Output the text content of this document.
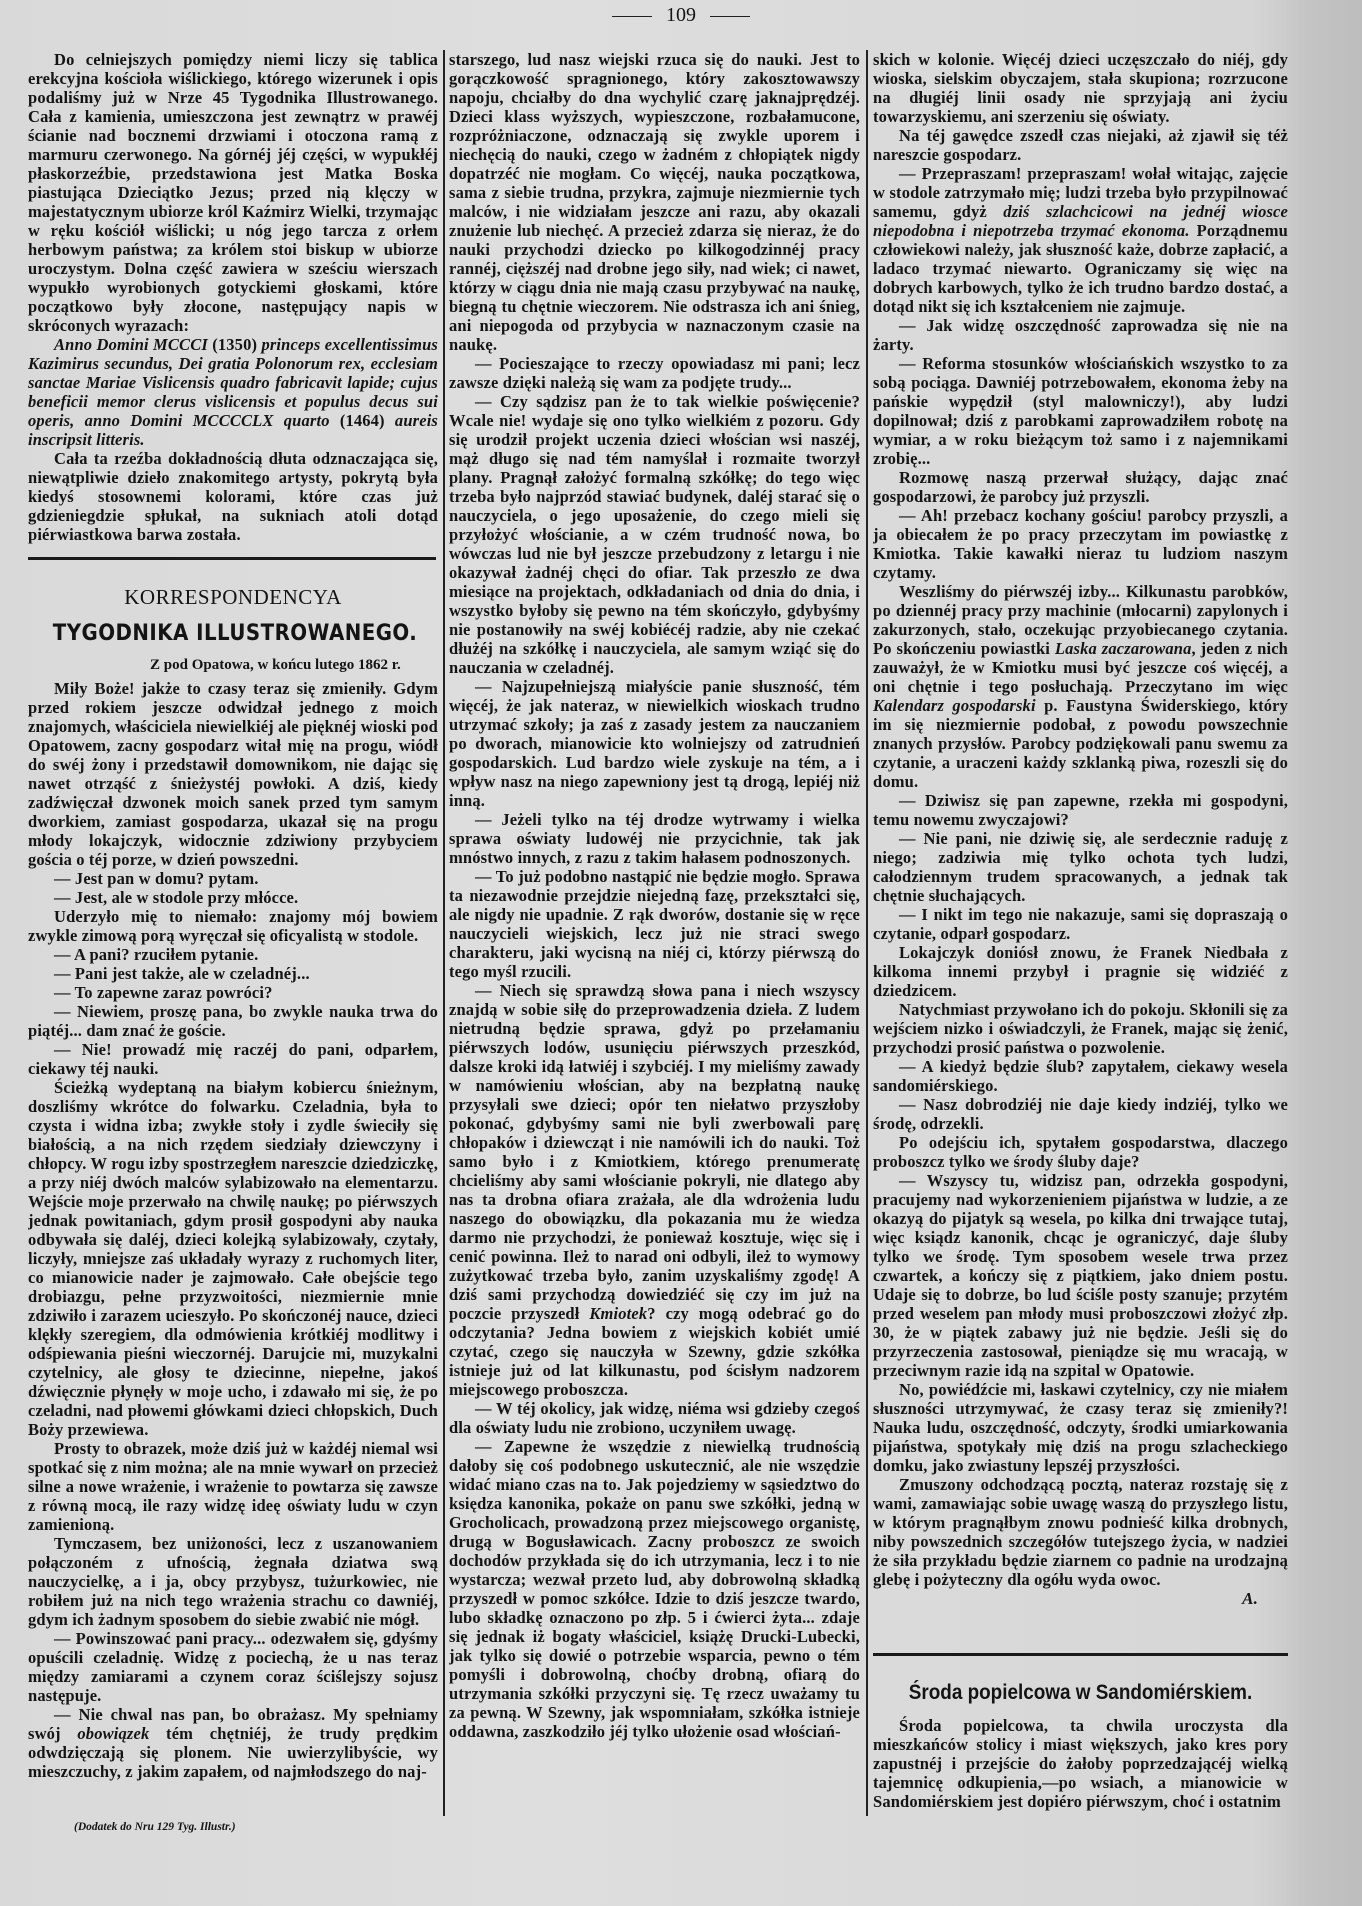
109

Do celniejszych pomiędzy niemi liczy się tablica erekcyjna kościoła wiślickiego, którego wizerunek i opis podaliśmy już w Nrze 45 Tygodnika Illustrowanego. Cała z kamienia, umieszczona jest zewnątrz w prawéj ścianie nad bocznemi drzwiami i otoczona ramą z marmuru czerwonego. Na górnéj jéj części, w wypukłéj płaskorzeźbie, przedstawiona jest Matka Boska piastująca Dzieciątko Jezus; przed nią klęczy w majestatycznym ubiorze król Kaźmirz Wielki, trzymając w ręku kościół wiślicki; u nóg jego tarcza z orłem herbowym państwa; za królem stoi biskup w ubiorze uroczystym. Dolna część zawiera w sześciu wierszach wypukło wyrobionych gotyckiemi głoskami, które początkowo były złocone, następujący napis w skróconych wyrazach:

Anno Domini MCCCI (1350) princeps excellentissimus Kazimirus secundus, Dei gratia Polonorum rex, ecclesiam sanctae Mariae Vislicensis quadro fabricavit lapide; cujus beneficii memor clerus vislicensis et populus decus sui operis, anno Domini MCCCCLX quarto (1464) aureis inscripsit litteris.

Cała ta rzeźba dokładnością dłuta odznaczająca się, niewątpliwie dzieło znakomitego artysty, pokrytą była kiedyś stosownemi kolorami, które czas już gdzieniegdzie spłukał, na sukniach atoli dotąd piérwiastkowa barwa została.

KORRESPONDENCYA
TYGODNIKA ILLUSTROWANEGO.
Z pod Opatowa, w końcu lutego 1862 r.

Miły Boże! jakże to czasy teraz się zmieniły. Gdym przed rokiem jeszcze odwidzał jednego z moich znajomych, właściciela niewielkiéj ale pięknéj wioski pod Opatowem, zacny gospodarz witał mię na progu, wiódł do swéj żony i przedstawił domownikom, nie dając się nawet otrząść z śnieżystéj powłoki. A dziś, kiedy zadźwięczał dzwonek moich sanek przed tym samym dworkiem, zamiast gospodarza, ukazał się na progu młody lokajczyk, widocznie zdziwiony przybyciem gościa o téj porze, w dzień powszedni.

— Jest pan w domu? pytam.

— Jest, ale w stodole przy młócce.

Uderzyło mię to niemało: znajomy mój bowiem zwykle zimową porą wyręczał się oficyalistą w stodole.

— A pani? rzuciłem pytanie.

— Pani jest także, ale w czeladnéj...

— To zapewne zaraz powróci?

— Niewiem, proszę pana, bo zwykle nauka trwa do piątéj... dam znać że goście.

— Nie! prowadź mię raczéj do pani, odparłem, ciekawy téj nauki.

Ścieżką wydeptaną na białym kobiercu śnieżnym, doszliśmy wkrótce do folwarku. Czeladnia, była to czysta i widna izba; zwykłe stoły i zydle świeciły się białością, a na nich rzędem siedziały dziewczyny i chłopcy. W rogu izby spostrzegłem nareszcie dziedziczkę, a przy niéj dwóch malców sylabizowało na elementarzu. Wejście moje przerwało na chwilę naukę; po piérwszych jednak powitaniach, gdym prosił gospodyni aby nauka odbywała się daléj, dzieci kolejką sylabizowały, czytały, liczyły, mniejsze zaś układały wyrazy z ruchomych liter, co mianowicie nader je zajmowało. Całe obejście tego drobiazgu, pełne przyzwoitości, niezmiernie mnie zdziwiło i zarazem ucieszyło. Po skończonéj nauce, dzieci klękły szeregiem, dla odmówienia krótkiéj modlitwy i odśpiewania pieśni wieczornéj. Darujcie mi, muzykalni czytelnicy, ale głosy te dziecinne, niepełne, jakoś dźwięcznie płynęły w moje ucho, i zdawało mi się, że po czeladni, nad płowemi główkami dzieci chłopskich, Duch Boży przewiewa.

Prosty to obrazek, może dziś już w każdéj niemal wsi spotkać się z nim można; ale na mnie wywarł on przecież silne a nowe wrażenie, i wrażenie to powtarza się zawsze z równą mocą, ile razy widzę ideę oświaty ludu w czyn zamienioną.

Tymczasem, bez uniżoności, lecz z uszanowaniem połączoném z ufnością, żegnała dziatwa swą nauczycielkę, a i ja, obcy przybysz, tużurkowiec, nie robiłem już na nich tego wrażenia strachu co dawniéj, gdym ich żadnym sposobem do siebie zwabić nie mógł.

— Powinszować pani pracy... odezwałem się, gdyśmy opuścili czeladnię. Widzę z pociechą, że u nas teraz między zamiarami a czynem coraz ściślejszy sojusz następuje.

— Nie chwal nas pan, bo obrażasz. My spełniamy swój obowiązek tém chętniéj, że trudy prędkim odwdzięczają się plonem. Nie uwierzylibyście, wy mieszczuchy, z jakim zapałem, od najmłodszego do naj-

(Dodatek do Nru 129 Tyg. Illustr.)

starszego, lud nasz wiejski rzuca się do nauki. Jest to gorączkowość spragnionego, który zakosztowawszy napoju, chciałby do dna wychylić czarę jaknajprędzéj. Dzieci klass wyższych, wypieszczone, rozbałamucone, rozpróżniaczone, odznaczają się zwykle uporem i niechęcią do nauki, czego w żadném z chłopiątek nigdy dopatrzéć nie mogłam. Co więcéj, nauka początkowa, sama z siebie trudna, przykra, zajmuje niezmiernie tych malców, i nie widziałam jeszcze ani razu, aby okazali znużenie lub niechęć. A przecież zdarza się nieraz, że do nauki przychodzi dziecko po kilkogodzinnéj pracy rannéj, cięższéj nad drobne jego siły, nad wiek; ci nawet, którzy w ciągu dnia nie mają czasu przybywać na naukę, biegną tu chętnie wieczorem. Nie odstrasza ich ani śnieg, ani niepogoda od przybycia w naznaczonym czasie na naukę.

— Pocieszające to rzeczy opowiadasz mi pani; lecz zawsze dzięki należą się wam za podjęte trudy...

— Czy sądzisz pan że to tak wielkie poświęcenie? Wcale nie! wydaje się ono tylko wielkiém z pozoru. Gdy się urodził projekt uczenia dzieci włościan wsi naszéj, mąż długo się nad tém namyślał i rozmaite tworzył plany. Pragnął założyć formalną szkółkę; do tego więc trzeba było najprzód stawiać budynek, daléj starać się o nauczyciela, o jego uposażenie, do czego mieli się przyłożyć włościanie, a w czém trudność nowa, bo wówczas lud nie był jeszcze przebudzony z letargu i nie okazywał żadnéj chęci do ofiar. Tak przeszło ze dwa miesiące na projektach, odkładaniach od dnia do dnia, i wszystko byłoby się pewno na tém skończyło, gdybyśmy nie postanowiły na swéj kobiécéj radzie, aby nie czekać dłużéj na szkółkę i nauczyciela, ale samym wziąć się do nauczania w czeladnéj.

— Najzupełniejszą miałyście panie słuszność, tém więcéj, że jak nateraz, w niewielkich wioskach trudno utrzymać szkoły; ja zaś z zasady jestem za nauczaniem po dworach, mianowicie kto wolniejszy od zatrudnień gospodarskich. Lud bardzo wiele zyskuje na tém, a i wpływ nasz na niego zapewniony jest tą drogą, lepiéj niż inną.

— Jeżeli tylko na téj drodze wytrwamy i wielka sprawa oświaty ludowéj nie przycichnie, tak jak mnóstwo innych, z razu z takim hałasem podnoszonych.

— To już podobno nastąpić nie będzie mogło. Sprawa ta niezawodnie przejdzie niejedną fazę, przekształci się, ale nigdy nie upadnie. Z rąk dworów, dostanie się w ręce nauczycieli wiejskich, lecz już nie straci swego charakteru, jaki wycisną na niéj ci, którzy piérwszą do tego myśl rzucili.

— Niech się sprawdzą słowa pana i niech wszyscy znajdą w sobie siłę do przeprowadzenia dzieła. Z ludem nietrudną będzie sprawa, gdyż po przełamaniu piérwszych lodów, usunięciu piérwszych przeszkód, dalsze kroki idą łatwiéj i szybciéj. I my mieliśmy zawady w namówieniu włościan, aby na bezpłatną naukę przysyłali swe dzieci; opór ten niełatwo przyszłoby pokonać, gdybyśmy sami nie byli zwerbowali parę chłopaków i dziewcząt i nie namówili ich do nauki. Toż samo było i z Kmiotkiem, którego prenumeratę chcieliśmy aby sami włościanie pokryli, nie dlatego aby nas ta drobna ofiara zrażała, ale dla wdrożenia ludu naszego do obowiązku, dla pokazania mu że wiedza darmo nie przychodzi, że ponieważ kosztuje, więc się i cenić powinna. Ileż to narad oni odbyli, ileż to wymowy zużytkować trzeba było, zanim uzyskaliśmy zgodę! A dziś sami przychodzą dowiedziéć się czy im już na poczcie przyszedł Kmiotek? czy mogą odebrać go do odczytania? Jedna bowiem z wiejskich kobiét umié czytać, czego się nauczyła w Szewny, gdzie szkółka istnieje już od lat kilkunastu, pod ścisłym nadzorem miejscowego proboszcza.

— W téj okolicy, jak widzę, niéma wsi gdzieby czegoś dla oświaty ludu nie zrobiono, uczyniłem uwagę.

— Zapewne że wszędzie z niewielką trudnością dałoby się coś podobnego uskutecznić, ale nie wszędzie widać miano czas na to. Jak pojedziemy w sąsiedztwo do księdza kanonika, pokaże on panu swe szkółki, jedną w Grocholicach, prowadzoną przez miejscowego organistę, drugą w Bogusławicach. Zacny proboszcz ze swoich dochodów przykłada się do ich utrzymania, lecz i to nie wystarcza; wezwał przeto lud, aby dobrowolną składką przyszedł w pomoc szkółce. Idzie to dziś jeszcze twardo, lubo składkę oznaczono po złp. 5 i ćwierci żyta... zdaje się jednak iż bogaty właściciel, książę Drucki-Lubecki, jak tylko się dowié o potrzebie wsparcia, pewno o tém pomyśli i dobrowolną, choćby drobną, ofiarą do utrzymania szkółki przyczyni się. Tę rzecz uważamy tu za pewną. W Szewny, jak wspomniałam, szkółka istnieje oddawna, zaszkodziło jéj tylko ułożenie osad włościań-

skich w kolonie. Więcéj dzieci uczęszczało do niéj, gdy wioska, sielskim obyczajem, stała skupiona; rozrzucone na długiéj linii osady nie sprzyjają ani życiu towarzyskiemu, ani szerzeniu się oświaty.

Na téj gawędce zszedł czas niejaki, aż zjawił się téż nareszcie gospodarz.

— Przepraszam! przepraszam! wołał witając, zajęcie w stodole zatrzymało mię; ludzi trzeba było przypilnować samemu, gdyż dziś szlachcicowi na jednéj wiosce niepodobna i niepotrzeba trzymać ekonoma. Porządnemu człowiekowi należy, jak słuszność każe, dobrze zapłacić, a ladaco trzymać niewarto. Ograniczamy się więc na dobrych karbowych, tylko że ich trudno bardzo dostać, a dotąd nikt się ich kształceniem nie zajmuje.

— Jak widzę oszczędność zaprowadza się nie na żarty.

— Reforma stosunków włościańskich wszystko to za sobą pociąga. Dawniéj potrzebowałem, ekonoma żeby na pańskie wypędził (styl malowniczy!), aby ludzi dopilnował; dziś z parobkami zaprowadziłem robotę na wymiar, a w roku bieżącym toż samo i z najemnikami zrobię...

Rozmowę naszą przerwał służący, dając znać gospodarzowi, że parobcy już przyszli.

— Ah! przebacz kochany gościu! parobcy przyszli, a ja obiecałem że po pracy przeczytam im powiastkę z Kmiotka. Takie kawałki nieraz tu ludziom naszym czytamy.

Weszliśmy do piérwszéj izby... Kilkunastu parobków, po dziennéj pracy przy machinie (młocarni) zapylonych i zakurzonych, stało, oczekując przyobiecanego czytania. Po skończeniu powiastki Laska zaczarowana, jeden z nich zauważył, że w Kmiotku musi być jeszcze coś więcéj, a oni chętnie i tego posłuchają. Przeczytano im więc Kalendarz gospodarski p. Faustyna Świderskiego, który im się niezmiernie podobał, z powodu powszechnie znanych przysłów. Parobcy podziękowali panu swemu za czytanie, a uraczeni każdy szklanką piwa, rozeszli się do domu.

— Dziwisz się pan zapewne, rzekła mi gospodyni, temu nowemu zwyczajowi?

— Nie pani, nie dziwię się, ale serdecznie raduję z niego; zadziwia mię tylko ochota tych ludzi, całodziennym trudem spracowanych, a jednak tak chętnie słuchających.

— I nikt im tego nie nakazuje, sami się dopraszają o czytanie, odparł gospodarz.

Lokajczyk doniósł znowu, że Franek Niedbała z kilkoma innemi przybył i pragnie się widziéć z dziedzicem.

Natychmiast przywołano ich do pokoju. Skłonili się za wejściem nizko i oświadczyli, że Franek, mając się żenić, przychodzi prosić państwa o pozwolenie.

— A kiedyż będzie ślub? zapytałem, ciekawy wesela sandomiérskiego.

— Nasz dobrodziéj nie daje kiedy indziéj, tylko we środę, odrzekli.

Po odejściu ich, spytałem gospodarstwa, dlaczego proboszcz tylko we środy śluby daje?

— Wszyscy tu, widzisz pan, odrzekła gospodyni, pracujemy nad wykorzenieniem pijaństwa w ludzie, a ze okazyą do pijatyk są wesela, po kilka dni trwające tutaj, więc ksiądz kanonik, chcąc je ograniczyć, daje śluby tylko we środę. Tym sposobem wesele trwa przez czwartek, a kończy się z piątkiem, jako dniem postu. Udaje się to dobrze, bo lud ściśle posty szanuje; przytém przed weselem pan młody musi proboszczowi złożyć złp. 30, że w piątek zabawy już nie będzie. Jeśli się do przyrzeczenia zastosował, pieniądze się mu wracają, w przeciwnym razie idą na szpital w Opatowie.

No, powiédźcie mi, łaskawi czytelnicy, czy nie miałem słuszności utrzymywać, że czasy teraz się zmieniły?! Nauka ludu, oszczędność, odczyty, środki umiarkowania pijaństwa, spotykały mię dziś na progu szlacheckiego domku, jako zwiastuny lepszéj przyszłości.

Zmuszony odchodzącą pocztą, nateraz rozstaję się z wami, zamawiając sobie uwagę waszą do przyszłego listu, w którym pragnąłbym znowu podnieść kilka drobnych, niby powszednich szczegółów tutejszego życia, w nadziei że siła przykładu będzie ziarnem co padnie na urodzajną glebę i pożyteczny dla ogółu wyda owoc.

A.
Środa popielcowa w Sandomiérskiem.

Środa popielcowa, ta chwila uroczysta dla mieszkańców stolicy i miast większych, jako kres pory zapustnéj i przejście do żałoby poprzedzającéj wielką tajemnicę odkupienia,—po wsiach, a mianowicie w Sandomiérskiem jest dopiéro piérwszym, choć i ostatnim
